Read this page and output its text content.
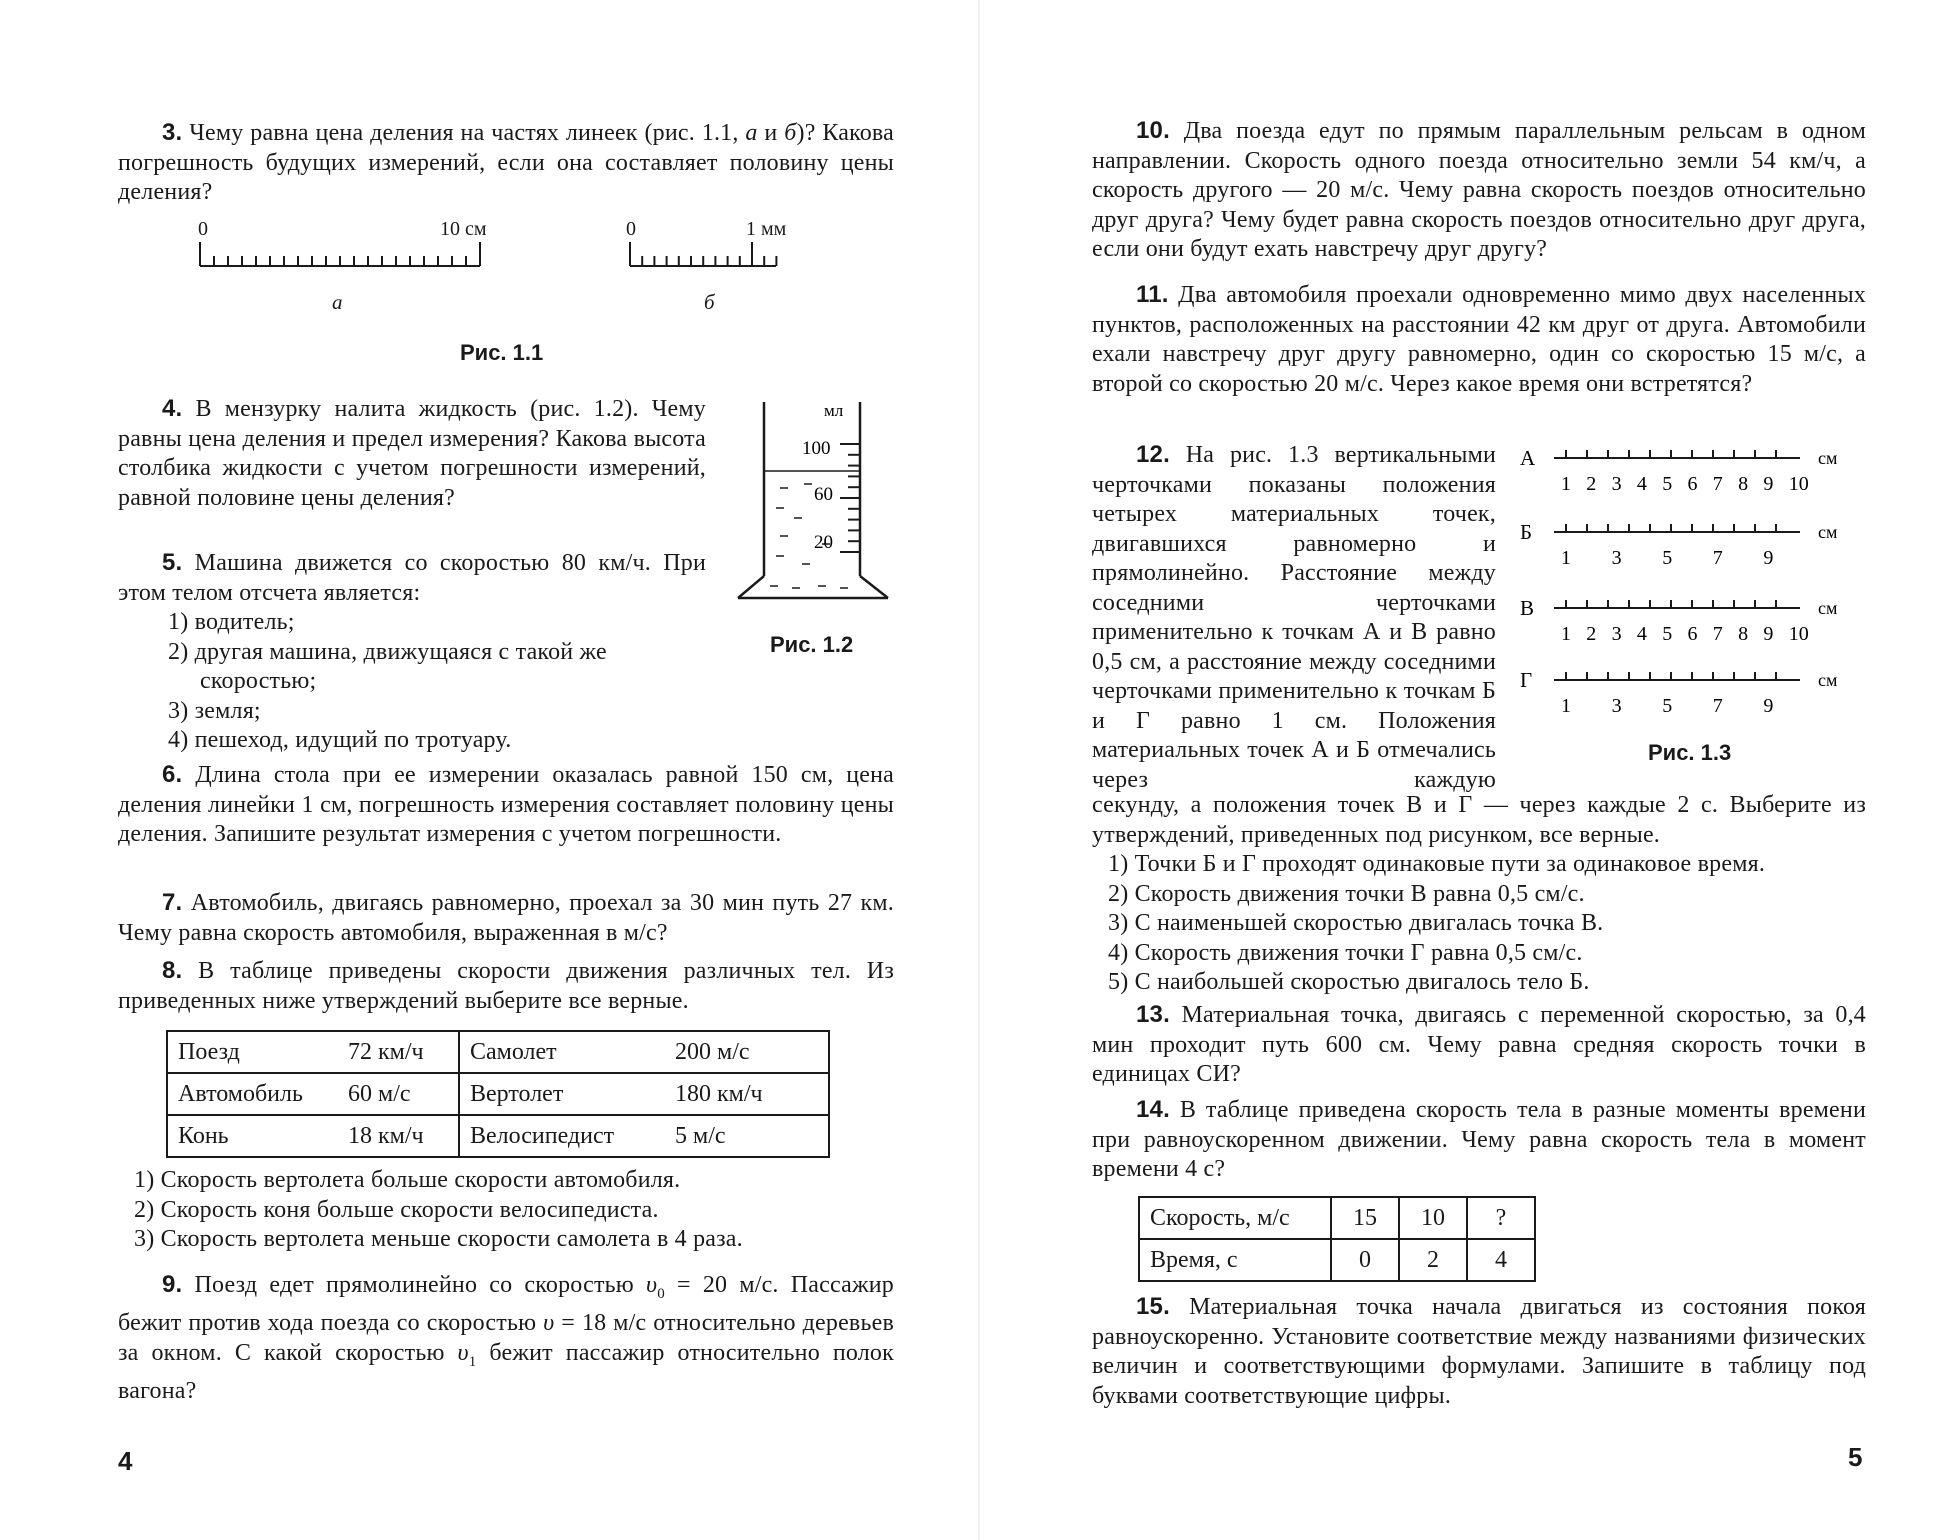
3. Чему равна цена деления на частях линеек (рис. 1.1, а и б)? Какова погрешность будущих измерений, если она составляет половину цены деления?

0	10 см
а
0	1 мм
б
Рис. 1.1

4. В мензурку налита жидкость (рис. 1.2). Чему равны цена деления и предел измерения? Какова высота столбика жидкости с учетом погрешности измерений, равной половине цены деления?

5. Машина движется со скоростью 80 км/ч. При этом телом отсчета является:

1) водитель;
2) другая машина, движущаяся с такой же скоростью;
3) земля;
4) пешеход, идущий по тротуару.
мл
100
60
20
Рис. 1.2

6. Длина стола при ее измерении оказалась равной 150 см, цена деления линейки 1 см, погрешность измерения составляет половину цены деления. Запишите результат измерения с учетом погрешности.

7. Автомобиль, двигаясь равномерно, проехал за 30 мин путь 27 км. Чему равна скорость автомобиля, выраженная в м/с?

8. В таблице приведены скорости движения различных тел. Из приведенных ниже утверждений выберите все верные.

Поезд	72 км/ч	Самолет	200 м/с
Автомобиль	60 м/с	Вертолет	180 км/ч
Конь	18 км/ч	Велосипедист	5 м/с
1) Скорость вертолета больше скорости автомобиля.
2) Скорость коня больше скорости велосипедиста.
3) Скорость вертолета меньше скорости самолета в 4 раза.

9. Поезд едет прямолинейно со скоростью $\upsilon_0 = 20$ м/с. Пассажир бежит против хода поезда со скоростью υ = 18 м/с относительно деревьев за окном. С какой скоростью $\upsilon_1$ бежит пассажир относительно полок вагона?

4

10. Два поезда едут по прямым параллельным рельсам в одном направлении. Скорость одного поезда относительно земли 54 км/ч, а скорость другого — 20 м/с. Чему равна скорость поездов относительно друг друга? Чему будет равна скорость поездов относительно друг друга, если они будут ехать навстречу друг другу?

11. Два автомобиля проехали одновременно мимо двух населенных пунктов, расположенных на расстоянии 42 км друг от друга. Автомобили ехали навстречу друг другу равномерно, один со скоростью 15 м/с, а второй со скоростью 20 м/с. Через какое время они встретятся?

12. На рис. 1.3 вертикальными черточками показаны положения четырех материальных точек, двигавшихся равномерно и прямолинейно. Расстояние между соседними черточками применительно к точкам А и В равно 0,5 см, а расстояние между соседними черточками применительно к точкам Б и Г равно 1 см. Положения материальных точек А и Б отмечались через каждую

секунду, а положения точек В и Г — через каждые 2 с. Выберите из утверждений, приведенных под рисунком, все верные.

1) Точки Б и Г проходят одинаковые пути за одинаковое время.
2) Скорость движения точки В равна 0,5 см/с.
3) С наименьшей скоростью двигалась точка В.
4) Скорость движения точки Г равна 0,5 см/с.
5) С наибольшей скоростью двигалось тело Б.
А	см
1 2 3 4 5 6 7 8 9 10
Б	см
1 3 5 7 9
В	см
1 2 3 4 5 6 7 8 9 10
Г	см
1 3 5 7 9
Рис. 1.3

13. Материальная точка, двигаясь с переменной скоростью, за 0,4 мин проходит путь 600 см. Чему равна средняя скорость точки в единицах СИ?

14. В таблице приведена скорость тела в разные моменты времени при равноускоренном движении. Чему равна скорость тела в момент времени 4 с?

Скорость, м/с	15	10	?
Время, с	0	2	4

15. Материальная точка начала двигаться из состояния покоя равноускоренно. Установите соответствие между названиями физических величин и соответствующими формулами. Запишите в таблицу под буквами соответствующие цифры.

5
